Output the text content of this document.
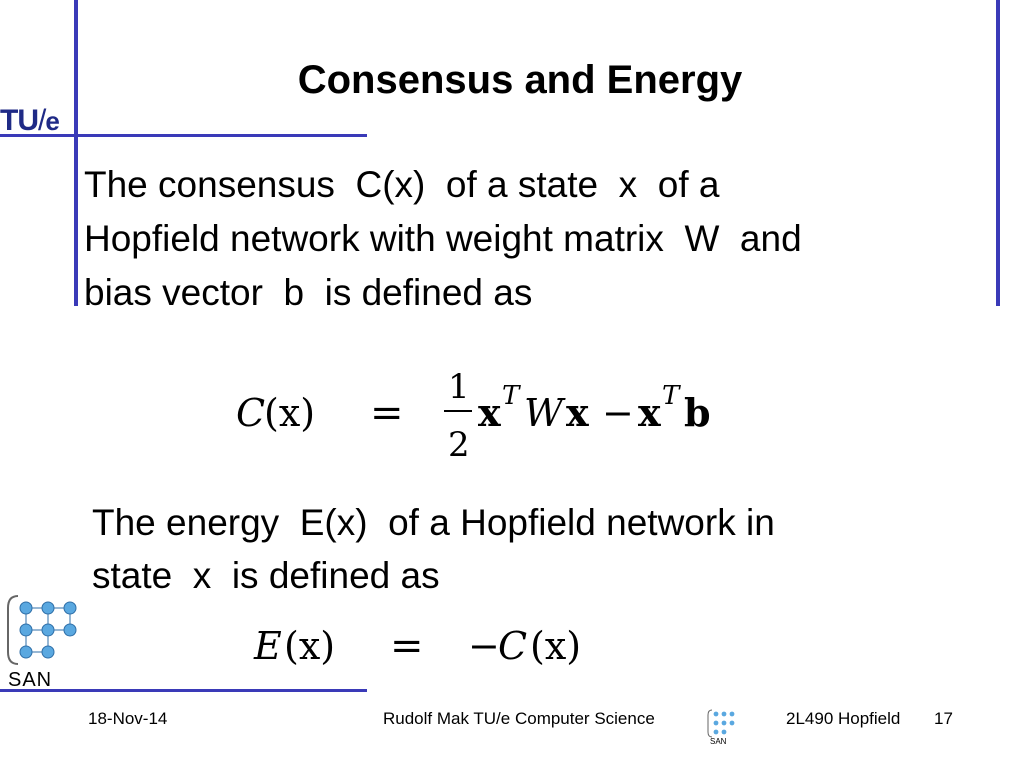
TU/e
Consensus and Energy
The consensus  C(x)  of a state  x  of a
Hopfield network with weight matrix  W  and
bias vector  b  is defined as
C
(x) =
1
2
x T W x − x T b
The energy  E(x)  of a Hopfield network in
state  x  is defined as
E (x) = −
C (x)
SAN
18-Nov-14	Rudolf Mak TU/e Computer Science
SAN
2L490 Hopfield 17
